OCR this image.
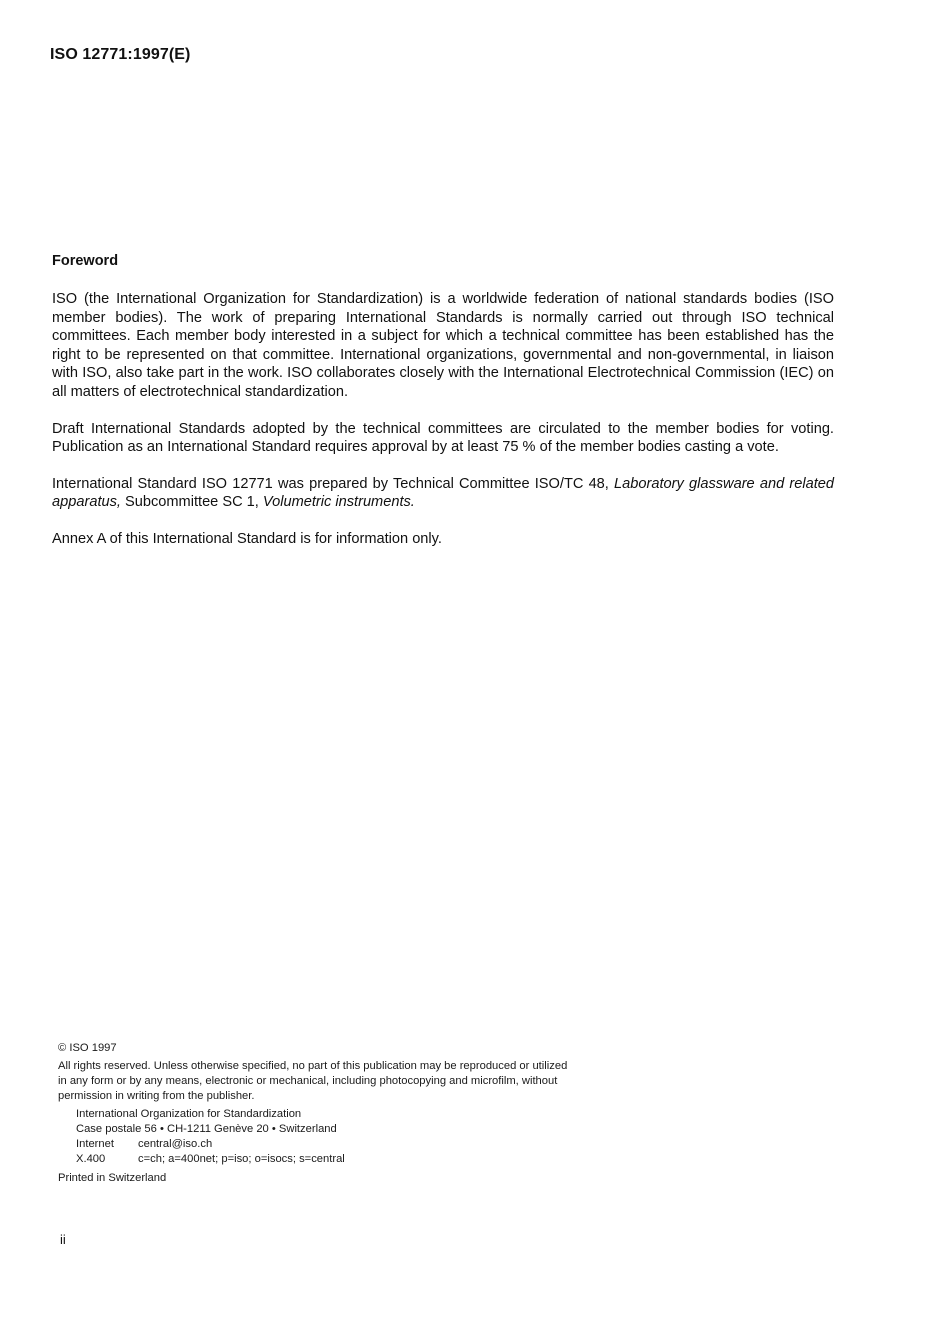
ISO 12771:1997(E)
Foreword

ISO (the International Organization for Standardization) is a worldwide federation of national standards bodies (ISO member bodies). The work of preparing International Standards is normally carried out through ISO technical committees. Each member body interested in a subject for which a technical committee has been established has the right to be represented on that committee. International organizations, governmental and non-governmental, in liaison with ISO, also take part in the work. ISO collaborates closely with the International Electrotechnical Commission (IEC) on all matters of electrotechnical standardization.

Draft International Standards adopted by the technical committees are circulated to the member bodies for voting. Publication as an International Standard requires approval by at least 75 % of the member bodies casting a vote.

International Standard ISO 12771 was prepared by Technical Committee ISO/TC 48, Laboratory glassware and related apparatus, Subcommittee SC 1, Volumetric instruments.

Annex A of this International Standard is for information only.

© ISO 1997
All rights reserved. Unless otherwise specified, no part of this publication may be reproduced or utilized in any form or by any means, electronic or mechanical, including photocopying and microfilm, without permission in writing from the publisher.
International Organization for Standardization
Case postale 56 • CH-1211 Genève 20 • Switzerland
Internet	central@iso.ch
X.400	c=ch; a=400net; p=iso; o=isocs; s=central
Printed in Switzerland
ii
